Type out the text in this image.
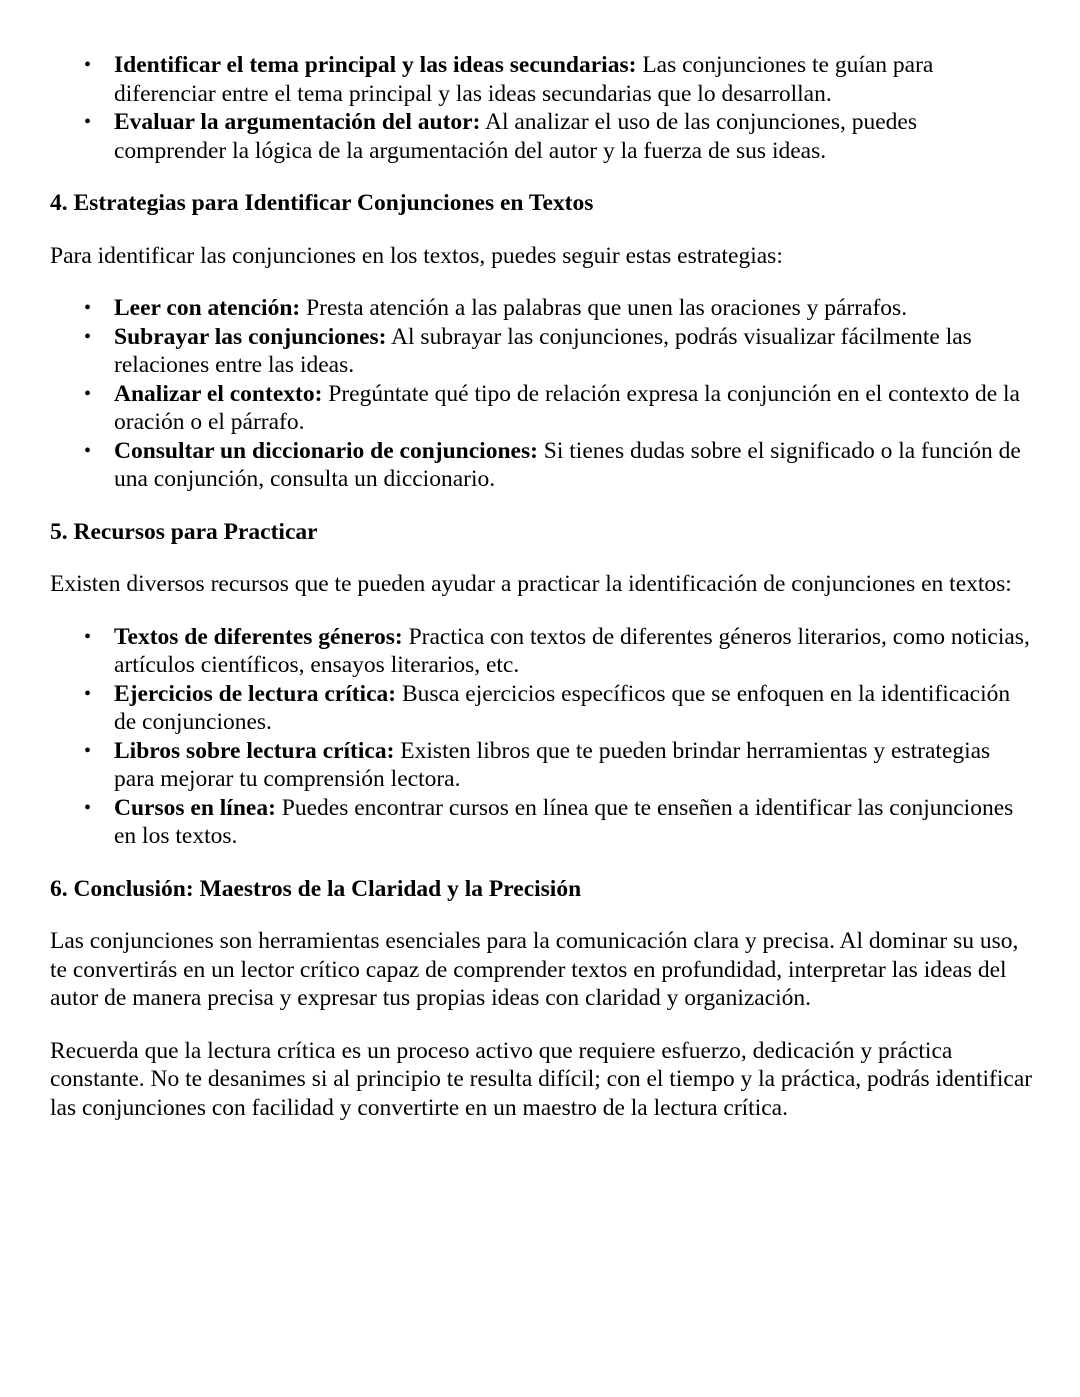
• Identificar el tema principal y las ideas secundarias: Las conjunciones te guían para diferenciar entre el tema principal y las ideas secundarias que lo desarrollan.
• Evaluar la argumentación del autor: Al analizar el uso de las conjunciones, puedes comprender la lógica de la argumentación del autor y la fuerza de sus ideas.
4. Estrategias para Identificar Conjunciones en Textos

Para identificar las conjunciones en los textos, puedes seguir estas estrategias:

• Leer con atención: Presta atención a las palabras que unen las oraciones y párrafos.
• Subrayar las conjunciones: Al subrayar las conjunciones, podrás visualizar fácilmente las relaciones entre las ideas.
• Analizar el contexto: Pregúntate qué tipo de relación expresa la conjunción en el contexto de la oración o el párrafo.
• Consultar un diccionario de conjunciones: Si tienes dudas sobre el significado o la función de una conjunción, consulta un diccionario.
5. Recursos para Practicar

Existen diversos recursos que te pueden ayudar a practicar la identificación de conjunciones en textos:

• Textos de diferentes géneros: Practica con textos de diferentes géneros literarios, como noticias, artículos científicos, ensayos literarios, etc.
• Ejercicios de lectura crítica: Busca ejercicios específicos que se enfoquen en la identificación de conjunciones.
• Libros sobre lectura crítica: Existen libros que te pueden brindar herramientas y estrategias para mejorar tu comprensión lectora.
• Cursos en línea: Puedes encontrar cursos en línea que te enseñen a identificar las conjunciones en los textos.
6. Conclusión: Maestros de la Claridad y la Precisión

Las conjunciones son herramientas esenciales para la comunicación clara y precisa. Al dominar su uso, te convertirás en un lector crítico capaz de comprender textos en profundidad, interpretar las ideas del autor de manera precisa y expresar tus propias ideas con claridad y organización.

Recuerda que la lectura crítica es un proceso activo que requiere esfuerzo, dedicación y práctica constante. No te desanimes si al principio te resulta difícil; con el tiempo y la práctica, podrás identificar las conjunciones con facilidad y convertirte en un maestro de la lectura crítica.
